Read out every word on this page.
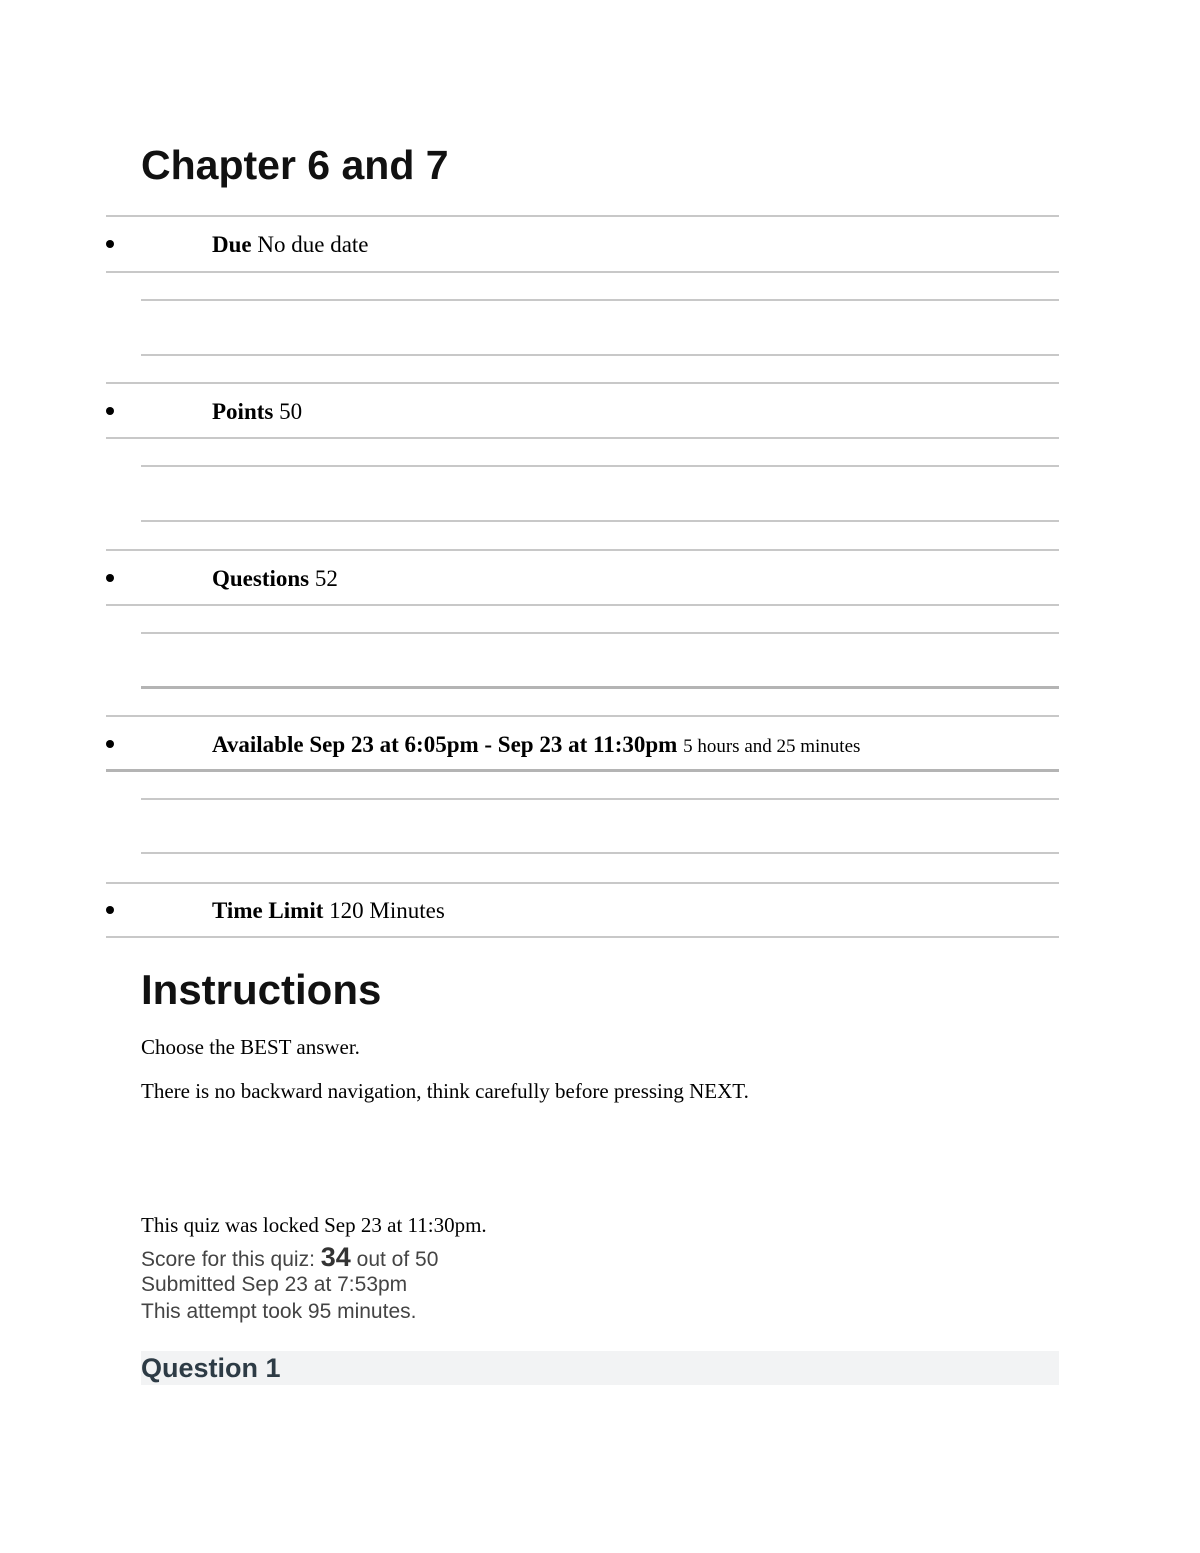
Chapter 6 and 7
Due No due date
Points 50
Questions 52
Available Sep 23 at 6:05pm - Sep 23 at 11:30pm 5 hours and 25 minutes
Time Limit 120 Minutes
Instructions

Choose the BEST answer.

There is no backward navigation, think carefully before pressing NEXT.

This quiz was locked Sep 23 at 11:30pm.

Score for this quiz: 34 out of 50

Submitted Sep 23 at 7:53pm

This attempt took 95 minutes.

Question 1
